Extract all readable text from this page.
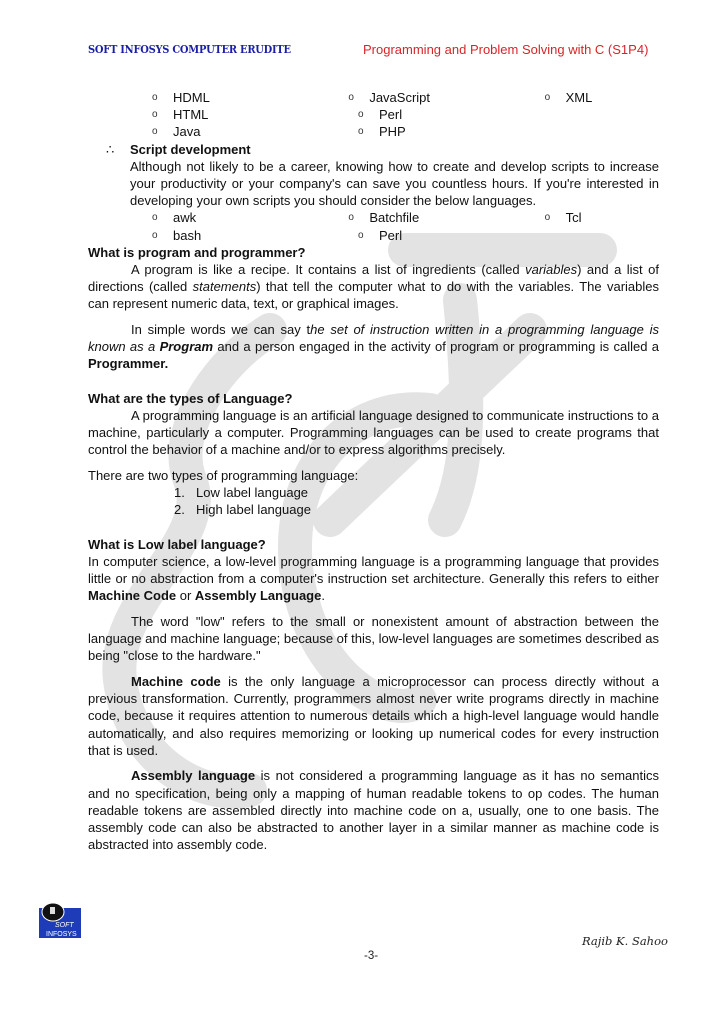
SOFT INFOSYS COMPUTER ERUDITE	Programming and Problem Solving with C (S1P4)
o	HDML	o	JavaScript	o	XML
o	HTML	o	Perl
o	Java	o	PHP
∴	Script development

Although not likely to be a career, knowing how to create and develop scripts to increase your productivity or your company's can save you countless hours. If you're interested in developing your own scripts you should consider the below languages.

o	awk	o	Batchfile	o	Tcl
o	bash	o	Perl
What is program and programmer?

A program is like a recipe. It contains a list of ingredients (called variables) and a list of directions (called statements) that tell the computer what to do with the variables. The variables can represent numeric data, text, or graphical images.

In simple words we can say the set of instruction written in a programming language is known as a Program and a person engaged in the activity of program or programming is called a Programmer.

What are the types of Language?

A programming language is an artificial language designed to communicate instructions to a machine, particularly a computer. Programming languages can be used to create programs that control the behavior of a machine and/or to express algorithms precisely.

There are two types of programming language:

1. Low label language
2. High label language
What is Low label language?

In computer science, a low-level programming language is a programming language that provides little or no abstraction from a computer's instruction set architecture. Generally this refers to either Machine Code or Assembly Language.

The word "low" refers to the small or nonexistent amount of abstraction between the language and machine language; because of this, low-level languages are sometimes described as being "close to the hardware."

Machine code is the only language a microprocessor can process directly without a previous transformation. Currently, programmers almost never write programs directly in machine code, because it requires attention to numerous details which a high-level language would handle automatically, and also requires memorizing or looking up numerical codes for every instruction that is used.

Assembly language is not considered a programming language as it has no semantics and no specification, being only a mapping of human readable tokens to op codes. The human readable tokens are assembled directly into machine code on a, usually, one to one basis. The assembly code can also be abstracted to another layer in a similar manner as machine code is abstracted into assembly code.

SOFT
INFOSYS	Rajib K. Sahoo
-3-
